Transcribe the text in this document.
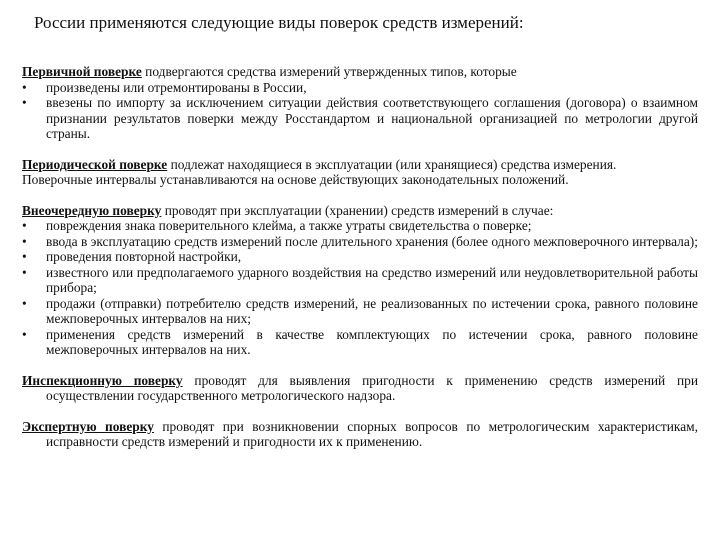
России применяются следующие виды поверок средств измерений:
Первичной поверке подвергаются средства измерений утвержденных типов, которые
•	произведены или отремонтированы в России,
•	ввезены по импорту за исключением ситуации действия соответствующего соглашения (договора) о взаимном признании результатов поверки между Росстандартом и национальной организацией по метрологии другой страны.
Периодической поверке подлежат находящиеся в эксплуатации (или хранящиеся) средства измерения.
Поверочные интервалы устанавливаются на основе действующих законодательных положений.
Внеочередную поверку проводят при эксплуатации (хранении) средств измерений в случае:
•	повреждения знака поверительного клейма, а также утраты свидетельства о поверке;
•	ввода в эксплуатацию средств измерений после длительного хранения (более одного межповерочного интервала);
•	проведения повторной настройки,
•	известного или предполагаемого ударного воздействия на средство измерений или неудовлетворительной работы прибора;
•	продажи (отправки) потребителю средств измерений, не реализованных по истечении срока, равного половине межповерочных интервалов на них;
•	применения средств измерений в качестве комплектующих по истечении срока, равного половине межповерочных интервалов на них.
Инспекционную поверку проводят для выявления пригодности к применению средств измерений при осуществлении государственного метрологического надзора.
Экспертную поверку проводят при возникновении спорных вопросов по метрологическим характеристикам, исправности средств измерений и пригодности их к применению.
